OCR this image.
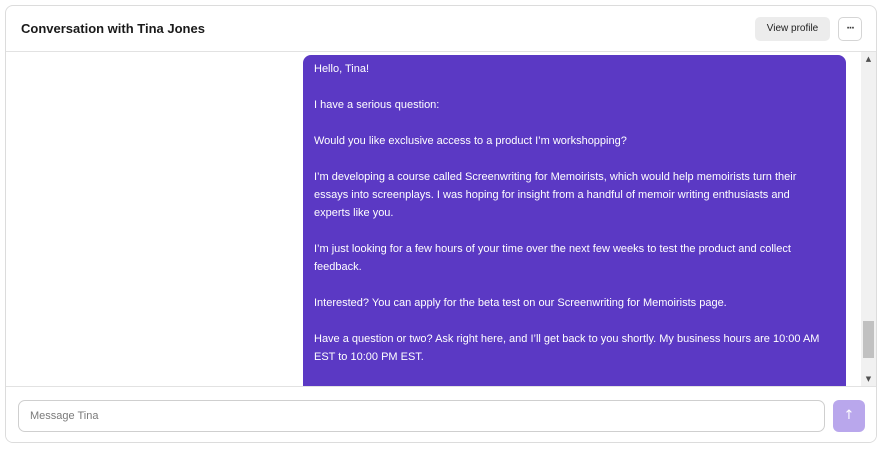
Conversation with Tina Jones	View profile	···

Hello, Tina!

I have a serious question:

Would you like exclusive access to a product I’m workshopping?

I’m developing a course called Screenwriting for Memoirists, which would help memoirists turn their essays into screenplays. I was hoping for insight from a handful of memoir writing enthusiasts and experts like you.

I’m just looking for a few hours of your time over the next few weeks to test the product and collect feedback.

Interested? You can apply for the beta test on our Screenwriting for Memoirists page.

Have a question or two? Ask right here, and I’ll get back to you shortly. My business hours are 10:00 AM EST to 10:00 PM EST.

▲
▼
Message Tina
↑
